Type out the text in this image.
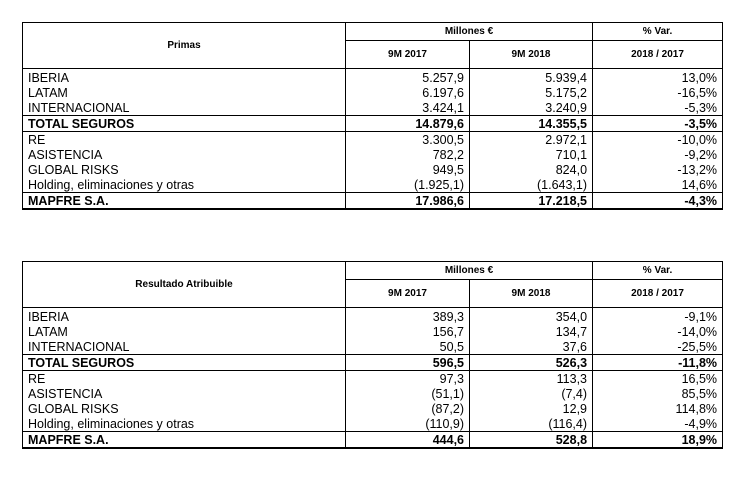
Primas	Millones €		% Var.
	9M 2017	9M 2018	2018 / 2017
IBERIA	5.257,9	5.939,4	13,0%
LATAM	6.197,6	5.175,2	-16,5%
INTERNACIONAL	3.424,1	3.240,9	-5,3%
TOTAL SEGUROS	14.879,6	14.355,5	-3,5%
RE	3.300,5	2.972,1	-10,0%
ASISTENCIA	782,2	710,1	-9,2%
GLOBAL RISKS	949,5	824,0	-13,2%
Holding, eliminaciones y otras	(1.925,1)	(1.643,1)	14,6%
MAPFRE S.A.	17.986,6	17.218,5	-4,3%
Resultado Atribuible	Millones €		% Var.
	9M 2017	9M 2018	2018 / 2017
IBERIA	389,3	354,0	-9,1%
LATAM	156,7	134,7	-14,0%
INTERNACIONAL	50,5	37,6	-25,5%
TOTAL SEGUROS	596,5	526,3	-11,8%
RE	97,3	113,3	16,5%
ASISTENCIA	(51,1)	(7,4)	85,5%
GLOBAL RISKS	(87,2)	12,9	114,8%
Holding, eliminaciones y otras	(110,9)	(116,4)	-4,9%
MAPFRE S.A.	444,6	528,8	18,9%
